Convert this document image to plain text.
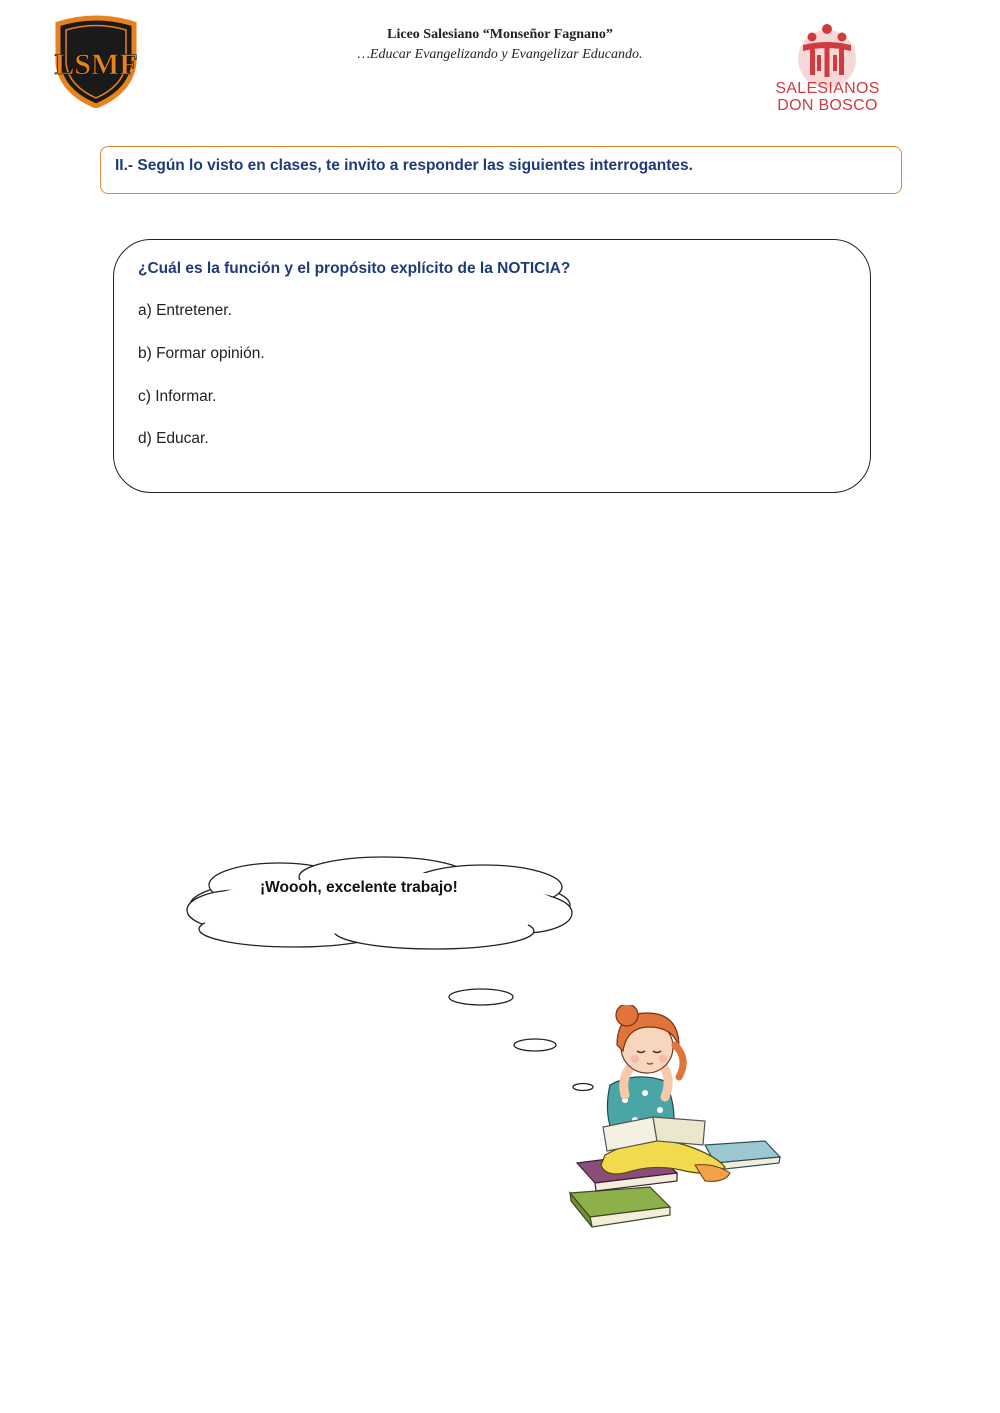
Liceo Salesiano “Monseñor Fagnano”
…Educar Evangelizando y Evangelizar Educando.
LSMF
SALESIANOS
DON BOSCO
II.- Según lo visto en clases, te invito a responder las siguientes interrogantes.
¿Cuál es la función y el propósito explícito de la NOTICIA?
a) Entretener.
b) Formar opinión.
c) Informar.
d) Educar.
¡Woooh, excelente trabajo!
